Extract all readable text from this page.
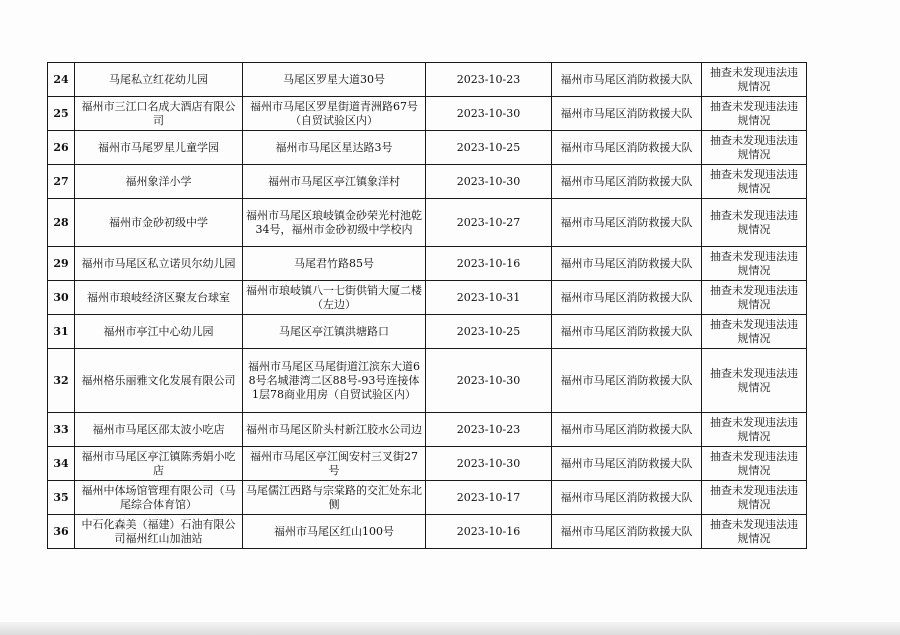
24	马尾私立红花幼儿园	马尾区罗星大道30号	2023-10-23	福州市马尾区消防救援大队	抽查未发现违法违规情况
25	福州市三江口名成大酒店有限公司	福州市马尾区罗星街道青洲路67号（自贸试验区内）	2023-10-30	福州市马尾区消防救援大队	抽查未发现违法违规情况
26	福州市马尾罗星儿童学园	福州市马尾区星达路3号	2023-10-25	福州市马尾区消防救援大队	抽查未发现违法违规情况
27	福州象洋小学	福州市马尾区亭江镇象洋村	2023-10-30	福州市马尾区消防救援大队	抽查未发现违法违规情况
28	福州市金砂初级中学	福州市马尾区琅岐镇金砂荣光村池乾34号，福州市金砂初级中学校内	2023-10-27	福州市马尾区消防救援大队	抽查未发现违法违规情况
29	福州市马尾区私立诺贝尔幼儿园	马尾君竹路85号	2023-10-16	福州市马尾区消防救援大队	抽查未发现违法违规情况
30	福州市琅岐经济区聚友台球室	福州市琅岐镇八一七街供销大厦二楼（左边）	2023-10-31	福州市马尾区消防救援大队	抽查未发现违法违规情况
31	福州市亭江中心幼儿园	马尾区亭江镇洪塘路口	2023-10-25	福州市马尾区消防救援大队	抽查未发现违法违规情况
32	福州格乐丽雅文化发展有限公司	福州市马尾区马尾街道江滨东大道68号名城港湾二区88号-93号连接体1层78商业用房（自贸试验区内）	2023-10-30	福州市马尾区消防救援大队	抽查未发现违法违规情况
33	福州市马尾区邵太波小吃店	福州市马尾区阶头村新江胶水公司边	2023-10-23	福州市马尾区消防救援大队	抽查未发现违法违规情况
34	福州市马尾区亭江镇陈秀娟小吃店	福州市马尾区亭江闽安村三叉街27号	2023-10-30	福州市马尾区消防救援大队	抽查未发现违法违规情况
35	福州中体场馆管理有限公司（马尾综合体育馆）	马尾儒江西路与宗棠路的交汇处东北侧	2023-10-17	福州市马尾区消防救援大队	抽查未发现违法违规情况
36	中石化森美（福建）石油有限公司福州红山加油站	福州市马尾区红山100号	2023-10-16	福州市马尾区消防救援大队	抽查未发现违法违规情况
